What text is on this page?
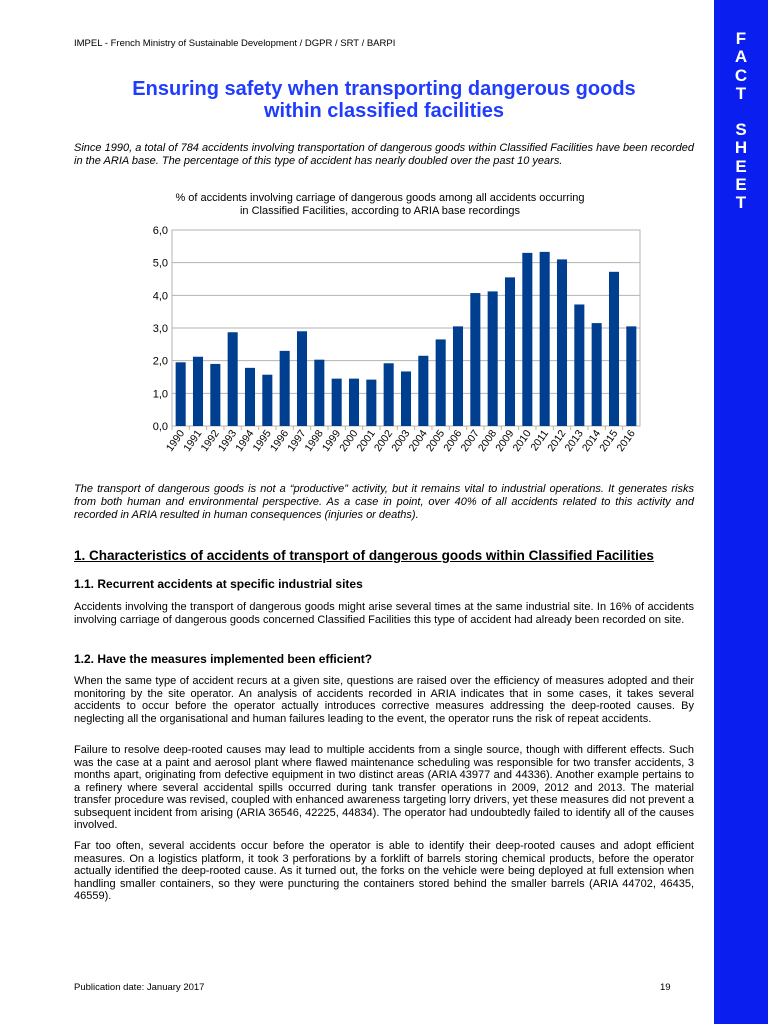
IMPEL - French Ministry of Sustainable Development / DGPR / SRT / BARPI	F
A
C
T
S
H
E
E
T
Ensuring safety when transporting dangerous goods
within classified facilities
Since 1990, a total of 784 accidents involving transportation of dangerous goods within Classified Facilities have been recorded in the ARIA base. The percentage of this type of accident has nearly doubled over the past 10 years.
0,0
1,0
2,0
3,0
4,0
5,0
6,0
1990
1991
1992
1993
1994
1995
1996
1997
1998
1999
2000
2001
2002
2003
2004
2005
2006
2007
2008
2009
2010
2011
2012
2013
2014
2015
2016
% of accidents involving carriage of dangerous goods among all accidents occurring
in Classified Facilities, according to ARIA base recordings
The transport of dangerous goods is not a “productive” activity, but it remains vital to industrial operations. It generates risks from both human and environmental perspective. As a case in point, over 40% of all accidents related to this activity and recorded in ARIA resulted in human consequences (injuries or deaths).
1. Characteristics of accidents of transport of dangerous goods within Classified Facilities
1.1. Recurrent accidents at specific industrial sites
Accidents involving the transport of dangerous goods might arise several times at the same industrial site. In 16% of accidents involving carriage of dangerous goods concerned Classified Facilities this type of accident had already been recorded on site.
1.2. Have the measures implemented been efficient?
When the same type of accident recurs at a given site, questions are raised over the efficiency of measures adopted and their monitoring by the site operator. An analysis of accidents recorded in ARIA indicates that in some cases, it takes several accidents to occur before the operator actually introduces corrective measures addressing the deep-rooted causes. By neglecting all the organisational and human failures leading to the event, the operator runs the risk of repeat accidents.
Failure to resolve deep-rooted causes may lead to multiple accidents from a single source, though with different effects. Such was the case at a paint and aerosol plant where flawed maintenance scheduling was responsible for two transfer accidents, 3 months apart, originating from defective equipment in two distinct areas (ARIA 43977 and 44336). Another example pertains to a refinery where several accidental spills occurred during tank transfer operations in 2009, 2012 and 2013. The material transfer procedure was revised, coupled with enhanced awareness targeting lorry drivers, yet these measures did not prevent a subsequent incident from arising (ARIA 36546, 42225, 44834). The operator had undoubtedly failed to identify all of the causes involved.
Far too often, several accidents occur before the operator is able to identify their deep-rooted causes and adopt efficient measures. On a logistics platform, it took 3 perforations by a forklift of barrels storing chemical products, before the operator actually identified the deep-rooted cause. As it turned out, the forks on the vehicle were being deployed at full extension when handling smaller containers, so they were puncturing the containers stored behind the smaller barrels (ARIA 44702, 46435, 46559).
Publication date: January 2017	19
